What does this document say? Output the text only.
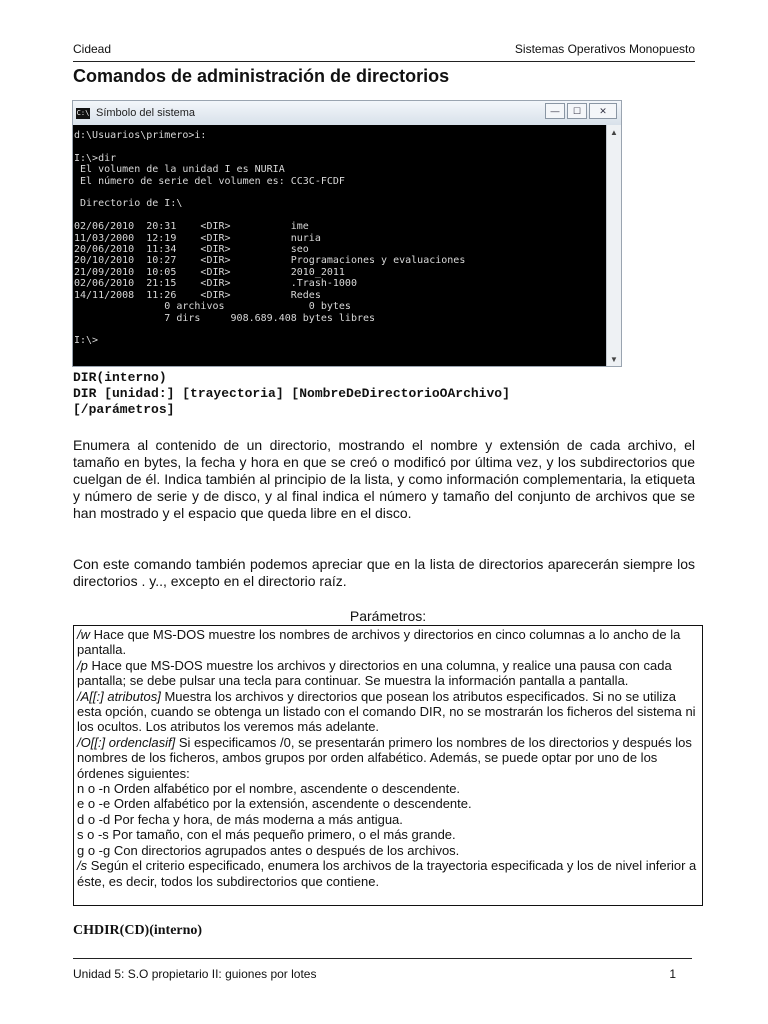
Cidead	Sistemas Operativos Monopuesto
Comandos de administración de directorios
C:\ Símbolo del sistema	—	☐	✕
d:\Usuarios\primero>i:

I:\>dir
El volumen de la unidad I es NURIA
El número de serie del volumen es: CC3C-FCDF

Directorio de I:\

02/06/2010  20:31    <DIR>          ime
11/03/2000  12:19    <DIR>          nuria
20/06/2010  11:34    <DIR>          seo
20/10/2010  10:27    <DIR>          Programaciones y evaluaciones
21/09/2010  10:05    <DIR>          2010_2011
02/06/2010  21:15    <DIR>          .Trash-1000
14/11/2008  11:26    <DIR>          Redes
0 archivos              0 bytes
7 dirs     908.689.408 bytes libres

I:\>
▲
▼
DIR(interno)
DIR [unidad:] [trayectoria] [NombreDeDirectorioOArchivo]
[/parámetros]

Enumera al contenido de un directorio, mostrando el nombre y extensión de cada archivo, el tamaño en bytes, la fecha y hora en que se creó o modificó por última vez, y los subdirectorios que cuelgan de él. Indica también al principio de la lista, y como información complementaria, la etiqueta y número de serie y de disco, y al final indica el número y tamaño del conjunto de archivos que se han mostrado y el espacio que queda libre en el disco.

Con este comando también podemos apreciar que en la lista de directorios aparecerán siempre los directorios . y.., excepto en el directorio raíz.

Parámetros:

/w Hace que MS-DOS muestre los nombres de archivos y directorios en cinco columnas a lo ancho de la pantalla.

/p Hace que MS-DOS muestre los archivos y directorios en una columna, y realice una pausa con cada pantalla; se debe pulsar una tecla para continuar. Se muestra la información pantalla a pantalla.

/A[[:] atributos] Muestra los archivos y directorios que posean los atributos especificados. Si no se utiliza esta opción, cuando se obtenga un listado con el comando DIR, no se mostrarán los ficheros del sistema ni los ocultos. Los atributos los veremos más adelante.

/O[[:] ordenclasif] Si especificamos /0, se presentarán primero los nombres de los directorios y después los nombres de los ficheros, ambos grupos por orden alfabético. Además, se puede optar por uno de los órdenes siguientes:

n o -n Orden alfabético por el nombre, ascendente o descendente.

e o -e Orden alfabético por la extensión, ascendente o descendente.

d o -d Por fecha y hora, de más moderna a más antigua.

s o -s Por tamaño, con el más pequeño primero, o el más grande.

g o -g Con directorios agrupados antes o después de los archivos.

/s Según el criterio especificado, enumera los archivos de la trayectoria especificada y los de nivel inferior a éste, es decir, todos los subdirectorios que contiene.

CHDIR(CD)(interno)
Unidad 5: S.O propietario II: guiones por lotes	1
